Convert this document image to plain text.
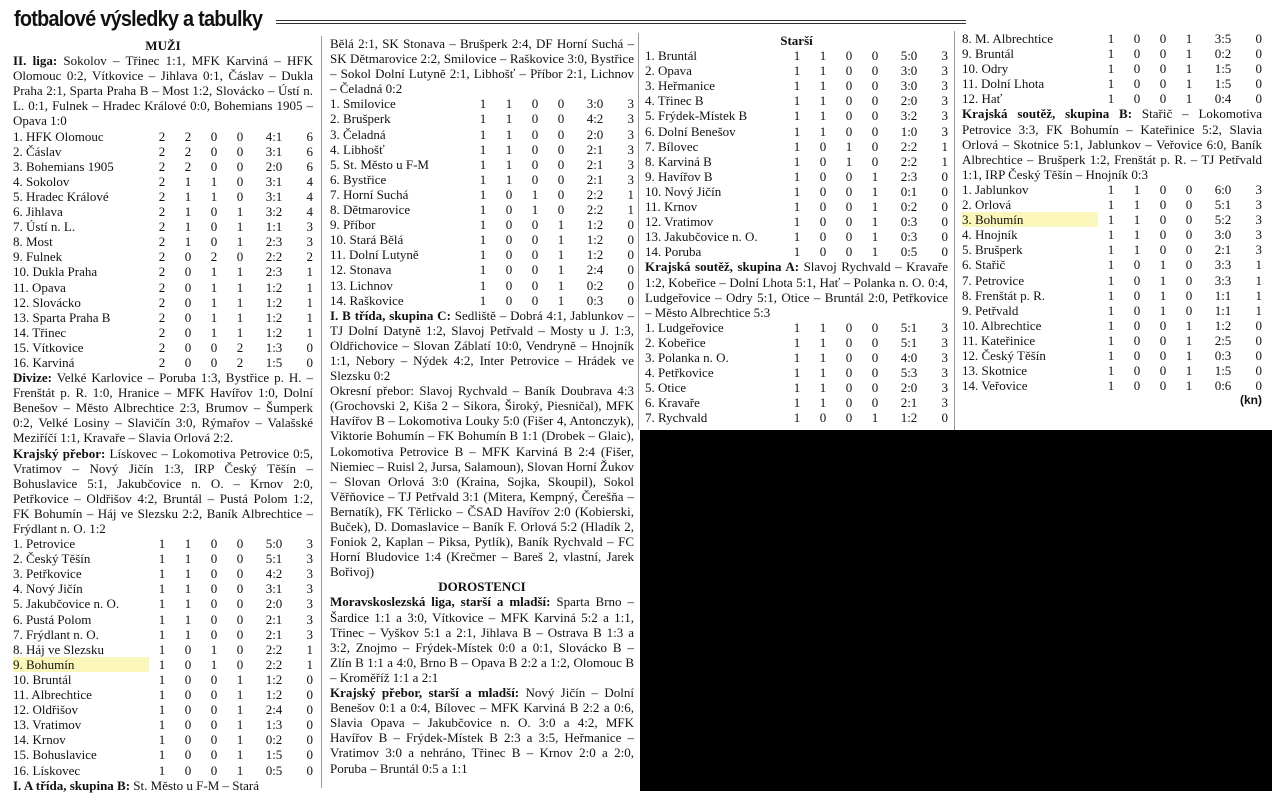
fotbalové výsledky a tabulky
MUŽI
II. liga: Sokolov – Třinec 1:1, MFK Karviná – HFK Olomouc 0:2, Vítkovice – Jihlava 0:1, Čáslav – Dukla Praha 2:1, Sparta Praha B – Most 1:2, Slovácko – Ústí n. L. 0:1, Fulnek – Hradec Králové 0:0, Bohemians 1905 – Opava 1:0
1. HFK Olomouc	2	2	0	0	4:1	6
2. Čáslav	2	2	0	0	3:1	6
3. Bohemians 1905	2	2	0	0	2:0	6
4. Sokolov	2	1	1	0	3:1	4
5. Hradec Králové	2	1	1	0	3:1	4
6. Jihlava	2	1	0	1	3:2	4
7. Ústí n. L.	2	1	0	1	1:1	3
8. Most	2	1	0	1	2:3	3
9. Fulnek	2	0	2	0	2:2	2
10. Dukla Praha	2	0	1	1	2:3	1
11. Opava	2	0	1	1	1:2	1
12. Slovácko	2	0	1	1	1:2	1
13. Sparta Praha B	2	0	1	1	1:2	1
14. Třinec	2	0	1	1	1:2	1
15. Vítkovice	2	0	0	2	1:3	0
16. Karviná	2	0	0	2	1:5	0
Divize: Velké Karlovice – Poruba 1:3, Bystřice p. H. – Frenštát p. R. 1:0, Hranice – MFK Havířov 1:0, Dolní Benešov – Město Albrechtice 2:3, Brumov – Šumperk 0:2, Velké Losiny – Slavičín 3:0, Rýmařov – Valašské Meziříčí 1:1, Kravaře – Slavia Orlová 2:2.
Krajský přebor: Lískovec – Lokomotiva Petrovice 0:5, Vratimov – Nový Jičín 1:3, IRP Český Těšín – Bohuslavice 5:1, Jakubčovice n. O. – Krnov 2:0, Petřkovice – Oldřišov 4:2, Bruntál – Pustá Polom 1:2, FK Bohumín – Háj ve Slezsku 2:2, Baník Albrechtice – Frýdlant n. O. 1:2
1. Petrovice	1	1	0	0	5:0	3
2. Český Těšín	1	1	0	0	5:1	3
3. Petřkovice	1	1	0	0	4:2	3
4. Nový Jičín	1	1	0	0	3:1	3
5. Jakubčovice n. O.	1	1	0	0	2:0	3
6. Pustá Polom	1	1	0	0	2:1	3
7. Frýdlant n. O.	1	1	0	0	2:1	3
8. Háj ve Slezsku	1	0	1	0	2:2	1
9. Bohumín	1	0	1	0	2:2	1
10. Bruntál	1	0	0	1	1:2	0
11. Albrechtice	1	0	0	1	1:2	0
12. Oldřišov	1	0	0	1	2:4	0
13. Vratimov	1	0	0	1	1:3	0
14. Krnov	1	0	0	1	0:2	0
15. Bohuslavice	1	0	0	1	1:5	0
16. Lískovec	1	0	0	1	0:5	0
I. A třída, skupina B: St. Město u F-M – Stará
Bělá 2:1, SK Stonava – Brušperk 2:4, DF Horní Suchá – SK Dětmarovice 2:2, Smilovice – Raškovice 3:0, Bystřice – Sokol Dolní Lutyně 2:1, Libhošť – Příbor 2:1, Lichnov – Čeladná 0:2
1. Smilovice	1	1	0	0	3:0	3
2. Brušperk	1	1	0	0	4:2	3
3. Čeladná	1	1	0	0	2:0	3
4. Libhošť	1	1	0	0	2:1	3
5. St. Město u F-M	1	1	0	0	2:1	3
6. Bystřice	1	1	0	0	2:1	3
7. Horní Suchá	1	0	1	0	2:2	1
8. Dětmarovice	1	0	1	0	2:2	1
9. Příbor	1	0	0	1	1:2	0
10. Stará Bělá	1	0	0	1	1:2	0
11. Dolní Lutyně	1	0	0	1	1:2	0
12. Stonava	1	0	0	1	2:4	0
13. Lichnov	1	0	0	1	0:2	0
14. Raškovice	1	0	0	1	0:3	0
I. B třída, skupina C: Sedliště – Dobrá 4:1, Jablunkov – TJ Dolní Datyně 1:2, Slavoj Petřvald – Mosty u J. 1:3, Oldřichovice – Slovan Záblatí 10:0, Vendryně – Hnojník 1:1, Nebory – Nýdek 4:2, Inter Petrovice – Hrádek ve Slezsku 0:2
Okresní přebor: Slavoj Rychvald – Baník Doubrava 4:3 (Grochovski 2, Kiša 2 – Sikora, Široký, Piesničal), MFK Havířov B – Lokomotiva Louky 5:0 (Fišer 4, Antonczyk), Viktorie Bohumín – FK Bohumín B 1:1 (Drobek – Glaic), Lokomotiva Petrovice B – MFK Karviná B 2:4 (Fišer, Niemiec – Ruisl 2, Jursa, Salamoun), Slovan Horní Žukov – Slovan Orlová 3:0 (Kraina, Sojka, Skoupil), Sokol Věřňovice – TJ Petřvald 3:1 (Mitera, Kempný, Čerešňa – Bernatík), FK Těrlicko – ČSAD Havířov 2:0 (Kobierski, Buček), D. Domaslavice – Baník F. Orlová 5:2 (Hladík 2, Foniok 2, Kaplan – Piksa, Pytlík), Baník Rychvald – FC Horní Bludovice 1:4 (Krečmer – Bareš 2, vlastní, Jarek Bořivoj)
DOROSTENCI
Moravskoslezská liga, starší a mladší: Sparta Brno – Šardice 1:1 a 3:0, Vítkovice – MFK Karviná 5:2 a 1:1, Třinec – Vyškov 5:1 a 2:1, Jihlava B – Ostrava B 1:3 a 3:2, Znojmo – Frýdek-Místek 0:0 a 0:1, Slovácko B – Zlín B 1:1 a 4:0, Brno B – Opava B 2:2 a 1:2, Olomouc B – Kroměříž 1:1 a 2:1
Krajský přebor, starší a mladší: Nový Jičín – Dolní Benešov 0:1 a 0:4, Bílovec – MFK Karviná B 2:2 a 0:6, Slavia Opava – Jakubčovice n. O. 3:0 a 4:2, MFK Havířov B – Frýdek-Místek B 2:3 a 3:5, Heřmanice – Vratimov 3:0 a nehráno, Třinec B – Krnov 2:0 a 2:0, Poruba – Bruntál 0:5 a 1:1
Starší
1. Bruntál	1	1	0	0	5:0	3
2. Opava	1	1	0	0	3:0	3
3. Heřmanice	1	1	0	0	3:0	3
4. Třinec B	1	1	0	0	2:0	3
5. Frýdek-Místek B	1	1	0	0	3:2	3
6. Dolní Benešov	1	1	0	0	1:0	3
7. Bílovec	1	0	1	0	2:2	1
8. Karviná B	1	0	1	0	2:2	1
9. Havířov B	1	0	0	1	2:3	0
10. Nový Jičín	1	0	0	1	0:1	0
11. Krnov	1	0	0	1	0:2	0
12. Vratimov	1	0	0	1	0:3	0
13. Jakubčovice n. O.	1	0	0	1	0:3	0
14. Poruba	1	0	0	1	0:5	0
Krajská soutěž, skupina A: Slavoj Rychvald – Kravaře 1:2, Kobeřice – Dolní Lhota 5:1, Hať – Polanka n. O. 0:4, Ludgeřovice – Odry 5:1, Otice – Bruntál 2:0, Petřkovice – Město Albrechtice 5:3
1. Ludgeřovice	1	1	0	0	5:1	3
2. Kobeřice	1	1	0	0	5:1	3
3. Polanka n. O.	1	1	0	0	4:0	3
4. Petřkovice	1	1	0	0	5:3	3
5. Otice	1	1	0	0	2:0	3
6. Kravaře	1	1	0	0	2:1	3
7. Rychvald	1	0	0	1	1:2	0
8. M. Albrechtice	1	0	0	1	3:5	0
9. Bruntál	1	0	0	1	0:2	0
10. Odry	1	0	0	1	1:5	0
11. Dolní Lhota	1	0	0	1	1:5	0
12. Hať	1	0	0	1	0:4	0
Krajská soutěž, skupina B: Stařič – Lokomotiva Petrovice 3:3, FK Bohumín – Kateřinice 5:2, Slavia Orlová – Skotnice 5:1, Jablunkov – Veřovice 6:0, Baník Albrechtice – Brušperk 1:2, Frenštát p. R. – TJ Petřvald 1:1, IRP Český Těšín – Hnojník 0:3
1. Jablunkov	1	1	0	0	6:0	3
2. Orlová	1	1	0	0	5:1	3
3. Bohumín	1	1	0	0	5:2	3
4. Hnojník	1	1	0	0	3:0	3
5. Brušperk	1	1	0	0	2:1	3
6. Stařič	1	0	1	0	3:3	1
7. Petrovice	1	0	1	0	3:3	1
8. Frenštát p. R.	1	0	1	0	1:1	1
9. Petřvald	1	0	1	0	1:1	1
10. Albrechtice	1	0	0	1	1:2	0
11. Kateřinice	1	0	0	1	2:5	0
12. Český Těšín	1	0	0	1	0:3	0
13. Skotnice	1	0	0	1	1:5	0
14. Veřovice	1	0	0	1	0:6	0
(kn)
